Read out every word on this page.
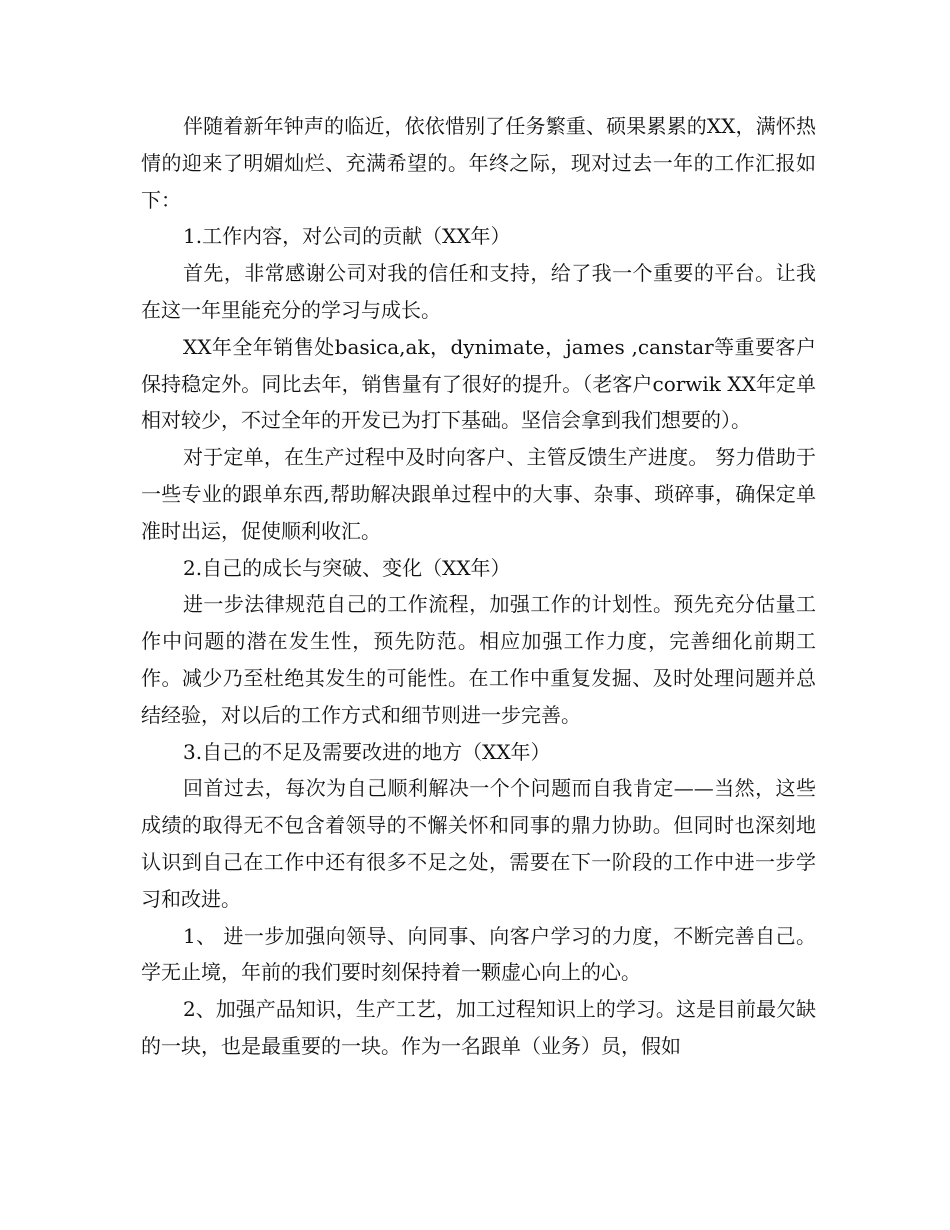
伴随着新年钟声的临近，依依惜别了任务繁重、硕果累累的XX，满怀热情的迎来了明媚灿烂、充满希望的。年终之际，现对过去一年的工作汇报如下：

1.工作内容，对公司的贡献（XX年）

首先，非常感谢公司对我的信任和支持，给了我一个重要的平台。让我在这一年里能充分的学习与成长。

XX年全年销售处basica,ak，dynimate，james ,canstar等重要客户保持稳定外。同比去年，销售量有了很好的提升。（老客户corwik XX年定单相对较少，不过全年的开发已为打下基础。坚信会拿到我们想要的）。

对于定单，在生产过程中及时向客户、主管反馈生产进度。 努力借助于一些专业的跟单东西,帮助解决跟单过程中的大事、杂事、琐碎事，确保定单准时出运，促使顺利收汇。

2.自己的成长与突破、变化（XX年）

进一步法律规范自己的工作流程，加强工作的计划性。预先充分估量工作中问题的潜在发生性，预先防范。相应加强工作力度，完善细化前期工作。减少乃至杜绝其发生的可能性。在工作中重复发掘、及时处理问题并总结经验，对以后的工作方式和细节则进一步完善。

3.自己的不足及需要改进的地方（XX年）

回首过去，每次为自己顺利解决一个个问题而自我肯定——当然，这些成绩的取得无不包含着领导的不懈关怀和同事的鼎力协助。但同时也深刻地认识到自己在工作中还有很多不足之处，需要在下一阶段的工作中进一步学习和改进。

1、 进一步加强向领导、向同事、向客户学习的力度，不断完善自己。学无止境，年前的我们要时刻保持着一颗虚心向上的心。

2、加强产品知识，生产工艺，加工过程知识上的学习。这是目前最欠缺的一块，也是最重要的一块。作为一名跟单（业务）员，假如
